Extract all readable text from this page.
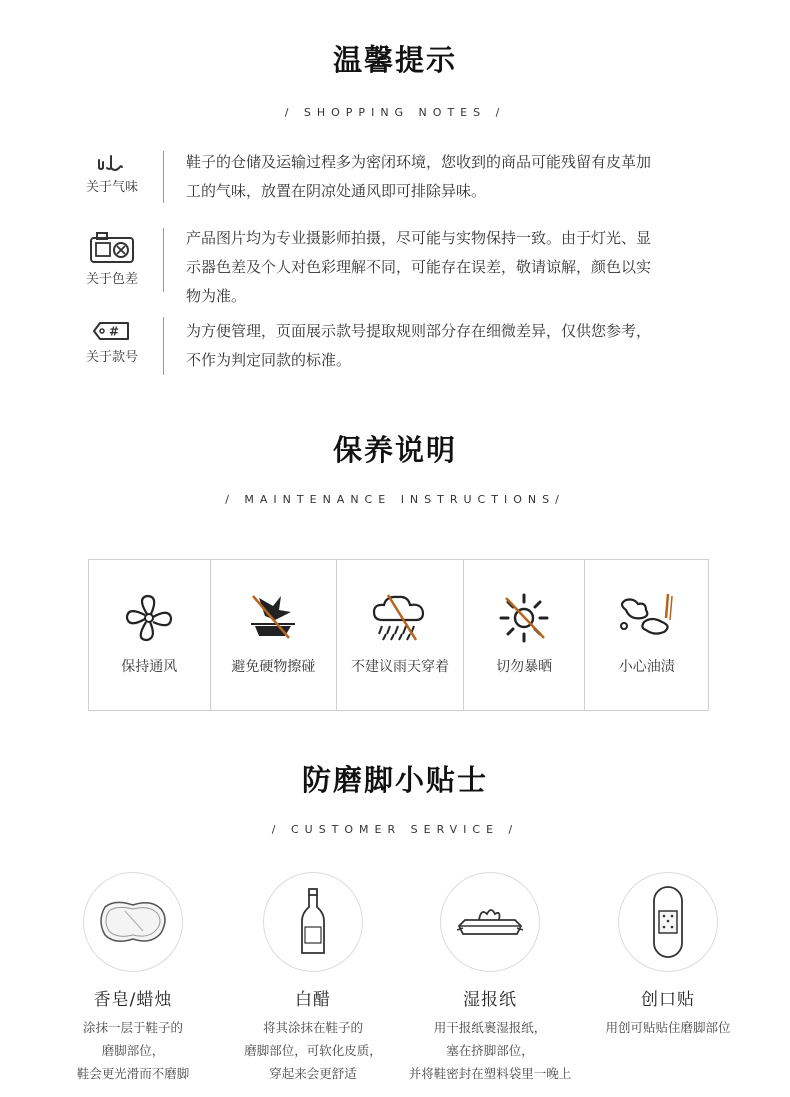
温馨提示
/ SHOPPING NOTES /
关于气味
鞋子的仓储及运输过程多为密闭环境，您收到的商品可能残留有皮革加
工的气味，放置在阴凉处通风即可排除异味。
关于色差
产品图片均为专业摄影师拍摄，尽可能与实物保持一致。由于灯光、显
示器色差及个人对色彩理解不同，可能存在误差，敬请谅解，颜色以实
物为准。
#
关于款号
为方便管理，页面展示款号提取规则部分存在细微差异，仅供您参考，
不作为判定同款的标准。
保养说明
/ MAINTENANCE INSTRUCTIONS/
保持通风	避免硬物擦碰	不建议雨天穿着	切勿暴晒	小心油渍
防磨脚小贴士
/ CUSTOMER SERVICE /
香皂/蜡烛
涂抹一层于鞋子的
磨脚部位，
鞋会更光滑而不磨脚
白醋
将其涂抹在鞋子的
磨脚部位，可软化皮质，
穿起来会更舒适
湿报纸
用干报纸裹湿报纸，
塞在挤脚部位，
并将鞋密封在塑料袋里一晚上
创口贴
用创可贴贴住磨脚部位
